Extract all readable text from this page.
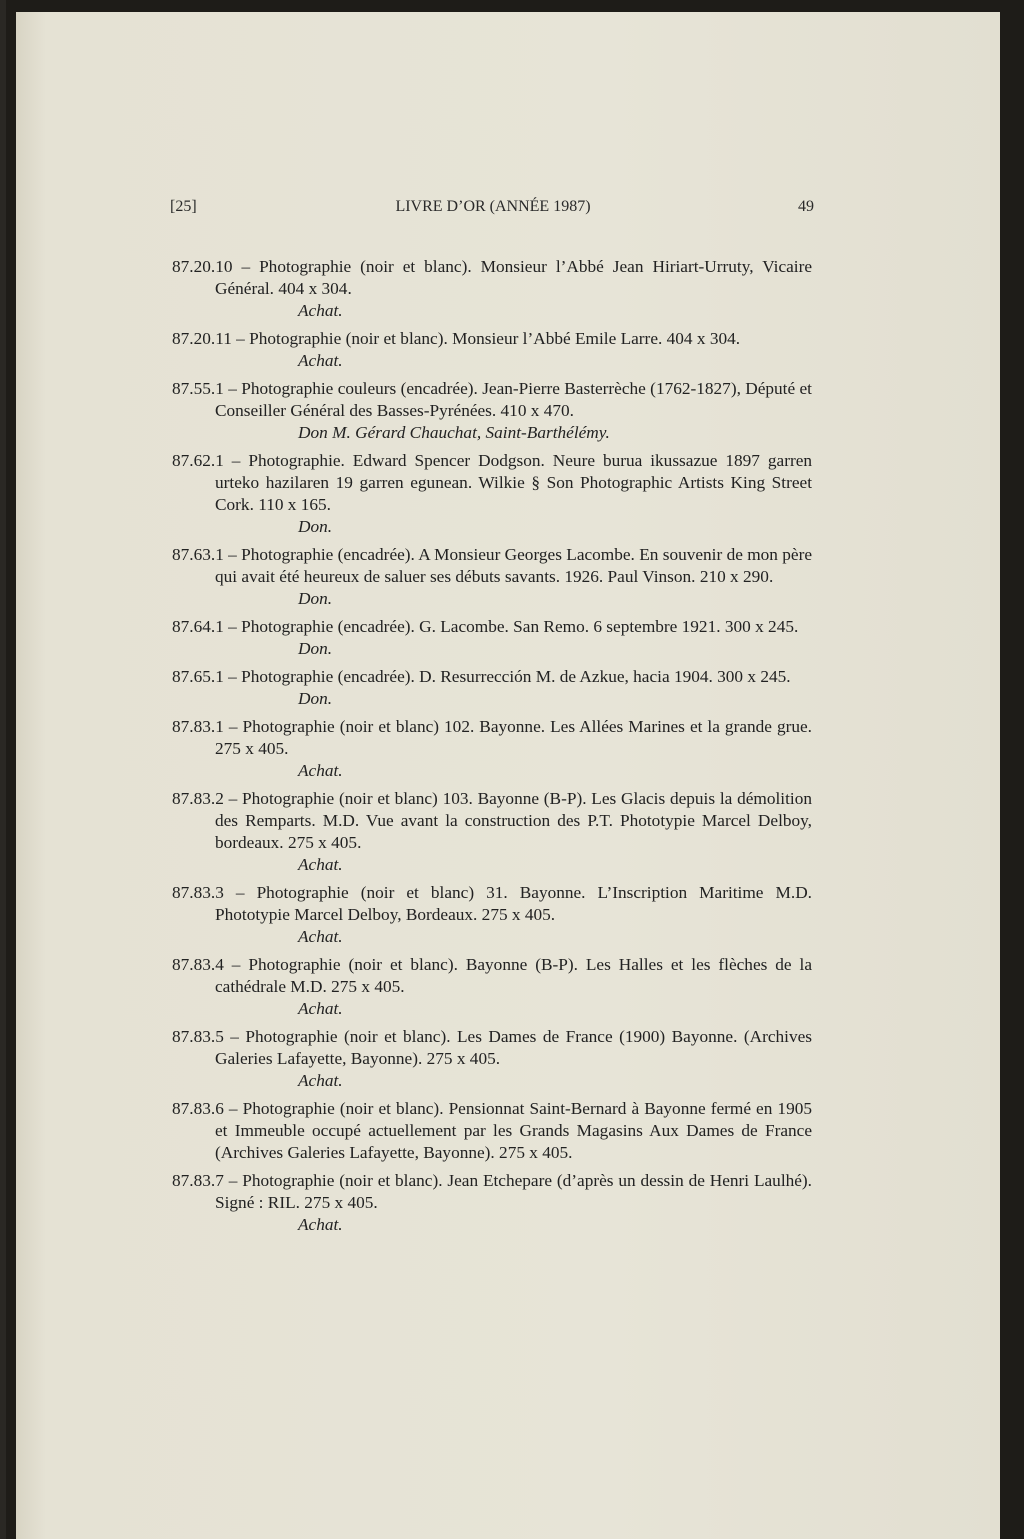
[25]	LIVRE D’OR (ANNÉE 1987)	49
87.20.10 – Photographie (noir et blanc). Monsieur l’Abbé Jean Hiriart-Urruty, Vicaire Général. 404 x 304.
Achat.
87.20.11 – Photographie (noir et blanc). Monsieur l’Abbé Emile Larre. 404 x 304.
Achat.
87.55.1 – Photographie couleurs (encadrée). Jean-Pierre Basterrèche (1762-1827), Député et Conseiller Général des Basses-Pyrénées. 410 x 470.
Don M. Gérard Chauchat, Saint-Barthélémy.
87.62.1 – Photographie. Edward Spencer Dodgson. Neure burua ikussazue 1897 garren urteko hazilaren 19 garren egunean. Wilkie § Son Photographic Artists King Street Cork. 110 x 165.
Don.
87.63.1 – Photographie (encadrée). A Monsieur Georges Lacombe. En souvenir de mon père qui avait été heureux de saluer ses débuts savants. 1926. Paul Vinson. 210 x 290.
Don.
87.64.1 – Photographie (encadrée). G. Lacombe. San Remo. 6 septembre 1921. 300 x 245.
Don.
87.65.1 – Photographie (encadrée). D. Resurrección M. de Azkue, hacia 1904. 300 x 245.
Don.
87.83.1 – Photographie (noir et blanc) 102. Bayonne. Les Allées Marines et la grande grue. 275 x 405.
Achat.
87.83.2 – Photographie (noir et blanc) 103. Bayonne (B-P). Les Glacis depuis la démolition des Remparts. M.D. Vue avant la construction des P.T. Phototypie Marcel Delboy, bordeaux. 275 x 405.
Achat.
87.83.3 – Photographie (noir et blanc) 31. Bayonne. L’Inscription Maritime M.D. Phototypie Marcel Delboy, Bordeaux. 275 x 405.
Achat.
87.83.4 – Photographie (noir et blanc). Bayonne (B-P). Les Halles et les flèches de la cathédrale M.D. 275 x 405.
Achat.
87.83.5 – Photographie (noir et blanc). Les Dames de France (1900) Bayonne. (Archives Galeries Lafayette, Bayonne). 275 x 405.
Achat.
87.83.6 – Photographie (noir et blanc). Pensionnat Saint-Bernard à Bayonne fermé en 1905 et Immeuble occupé actuellement par les Grands Magasins Aux Dames de France (Archives Galeries Lafayette, Bayonne). 275 x 405.
87.83.7 – Photographie (noir et blanc). Jean Etchepare (d’après un dessin de Henri Laulhé). Signé : RIL. 275 x 405.
Achat.
